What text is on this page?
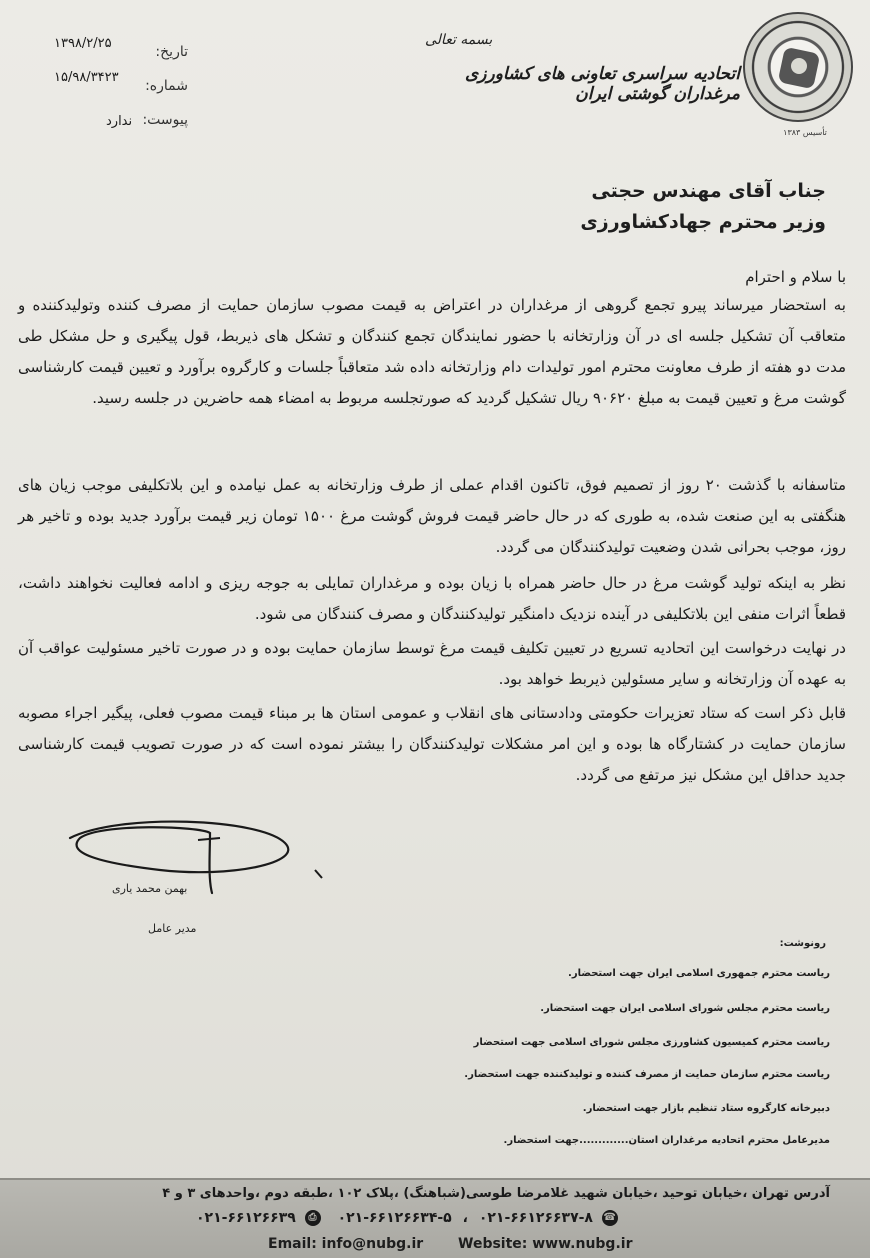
تأسیس ۱۳۸۳
بسمه تعالی
اتحادیه سراسری تعاونی های کشاورزی مرغداران گوشتی ایران
تاریخ:
۱۳۹۸/۲/۲۵
شماره:
۱۵/۹۸/۳۴۲۳
پیوست:
ندارد
جناب آقای مهندس حجتی
وزیر محترم جهادکشاورزی
با سلام و احترام
به استحضار میرساند پیرو تجمع گروهی از مرغداران در اعتراض به قیمت مصوب سازمان حمایت از مصرف کننده وتولیدکننده و متعاقب آن تشکیل جلسه ای در آن وزارتخانه با حضور نمایندگان تجمع کنندگان و تشکل های ذیربط، قول پیگیری و حل مشکل طی مدت دو هفته از طرف معاونت محترم امور تولیدات دام وزارتخانه داده شد متعاقباً جلسات و کارگروه برآورد و تعیین قیمت کارشناسی گوشت مرغ و تعیین قیمت به مبلغ ۹۰۶۲۰ ریال تشکیل گردید که صورتجلسه مربوط به امضاء همه حاضرین در جلسه رسید.
متاسفانه با گذشت ۲۰ روز از تصمیم فوق، تاکنون اقدام عملی از طرف وزارتخانه به عمل نیامده و این بلاتکلیفی موجب زیان های هنگفتی به این صنعت شده، به طوری که در حال حاضر قیمت فروش گوشت مرغ ۱۵۰۰ تومان زیر قیمت برآورد جدید بوده و تاخیر هر روز، موجب بحرانی شدن وضعیت تولیدکنندگان می گردد.
نظر به اینکه تولید گوشت مرغ در حال حاضر همراه با زیان بوده و مرغداران تمایلی به جوجه ریزی و ادامه فعالیت نخواهند داشت، قطعاً اثرات منفی این بلاتکلیفی در آینده نزدیک دامنگیر تولیدکنندگان و مصرف کنندگان می شود.
در نهایت درخواست این اتحادیه تسریع در تعیین تکلیف قیمت مرغ توسط سازمان حمایت بوده و در صورت تاخیر مسئولیت عواقب آن به عهده آن وزارتخانه و سایر مسئولین ذیربط خواهد بود.
قابل ذکر است که ستاد تعزیرات حکومتی ودادستانی های انقلاب و عمومی استان ها بر مبناء قیمت مصوب فعلی، پیگیر اجراء مصوبه سازمان حمایت در کشتارگاه ها بوده و این امر مشکلات تولیدکنندگان را بیشتر نموده است که در صورت تصویب قیمت کارشناسی جدید حداقل این مشکل نیز مرتفع می گردد.
بهمن محمد یاری
مدیر عامل
رونوشت:
ریاست محترم جمهوری اسلامی ایران جهت استحضار.
ریاست محترم مجلس شورای اسلامی ایران جهت استحضار.
ریاست محترم کمیسیون کشاورزی مجلس شورای اسلامی جهت استحضار
ریاست محترم سازمان حمایت از مصرف کننده و تولیدکننده جهت استحضار.
دبیرخانه کارگروه ستاد تنظیم بازار جهت استحضار.
مدیرعامل محترم اتحادیه مرغداران استان.............جهت استحضار.
آدرس تهران ،خیابان توحید ،خیابان شهید غلامرضا طوسی(شباهنگ) ،پلاک ۱۰۲ ،طبقه دوم ،واحدهای ۳ و ۴
۰۲۱-۶۶۱۲۶۶۳۹ ⎙ ۰۲۱-۶۶۱۲۶۶۳۴-۵ ، ۰۲۱-۶۶۱۲۶۶۳۷-۸ ☎
Email: info@nubg.ir Website: www.nubg.ir
